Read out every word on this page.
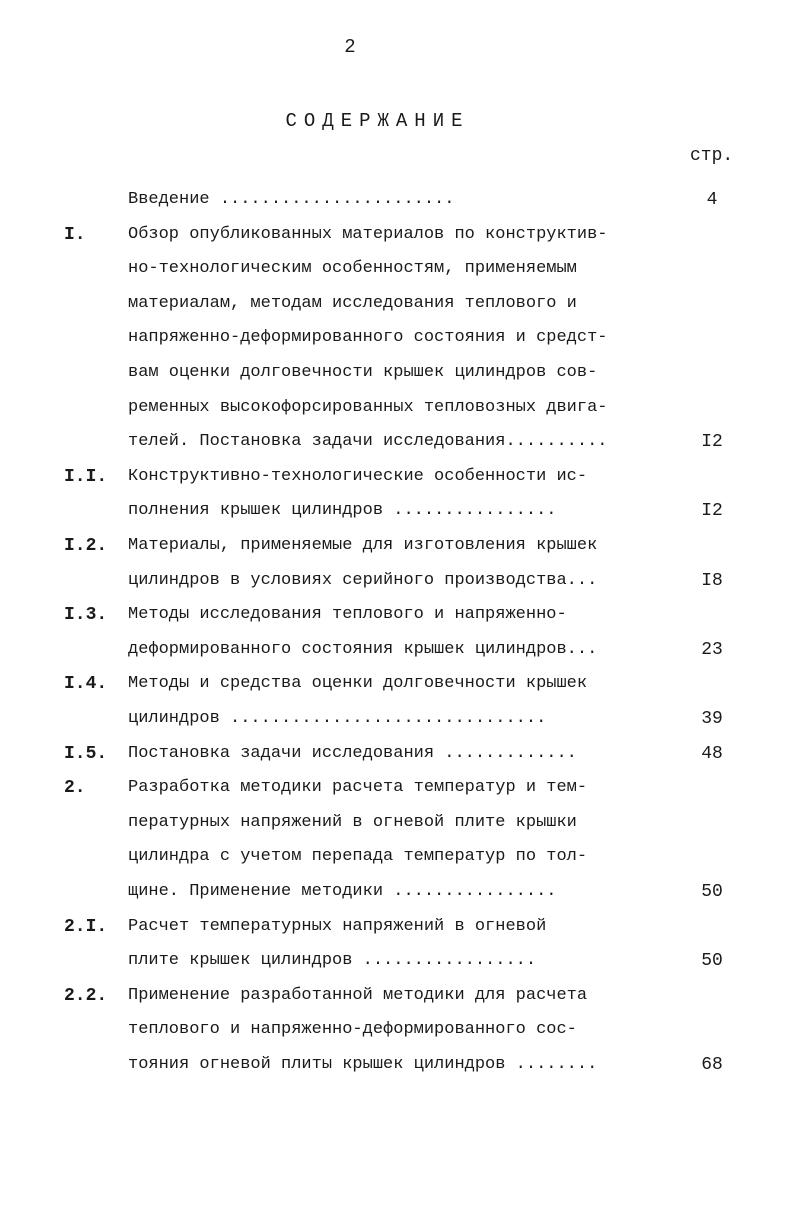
2
СОДЕРЖАНИЕ
стр.
Введение .......................	4
I. Обзор опубликованных материалов по конструктив-
но-технологическим особенностям, применяемым
материалам, методам исследования теплового и
напряженно-деформированного состояния и средст-
вам оценки долговечности крышек цилиндров сов-
ременных высокофорсированных тепловозных двига-
телей. Постановка задачи исследования..........	I2
I.I. Конструктивно-технологические особенности ис-
полнения крышек цилиндров ................	I2
I.2. Материалы, применяемые для изготовления крышек
цилиндров в условиях серийного производства...	I8
I.3. Методы исследования теплового и напряженно-
деформированного состояния крышек цилиндров...	23
I.4. Методы и средства оценки долговечности крышек
цилиндров ...............................	39
I.5. Постановка задачи исследования .............	48
2. Разработка методики расчета температур и тем-
пературных напряжений в огневой плите крышки
цилиндра с учетом перепада температур по тол-
щине. Применение методики ................	50
2.I. Расчет температурных напряжений в огневой
плите крышек цилиндров .................	50
2.2. Применение разработанной методики для расчета
теплового и напряженно-деформированного сос-
тояния огневой плиты крышек цилиндров ........	68
